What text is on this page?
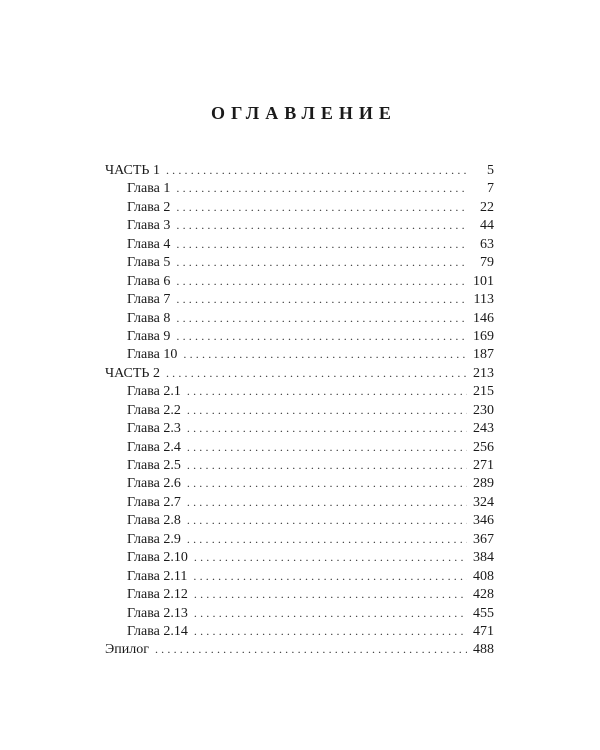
ОГЛАВЛЕНИЕ
ЧАСТЬ 1 .....	5
Глава 1 .....	7
Глава 2 .....	22
Глава 3 .....	44
Глава 4 .....	63
Глава 5 .....	79
Глава 6 .....	101
Глава 7 .....	113
Глава 8 .....	146
Глава 9 .....	169
Глава 10 .....	187
ЧАСТЬ 2 .....	213
Глава 2.1 .....	215
Глава 2.2 .....	230
Глава 2.3 .....	243
Глава 2.4 .....	256
Глава 2.5 .....	271
Глава 2.6 .....	289
Глава 2.7 .....	324
Глава 2.8 .....	346
Глава 2.9 .....	367
Глава 2.10 .....	384
Глава 2.11 .....	408
Глава 2.12 .....	428
Глава 2.13 .....	455
Глава 2.14 .....	471
Эпилог .....	488
